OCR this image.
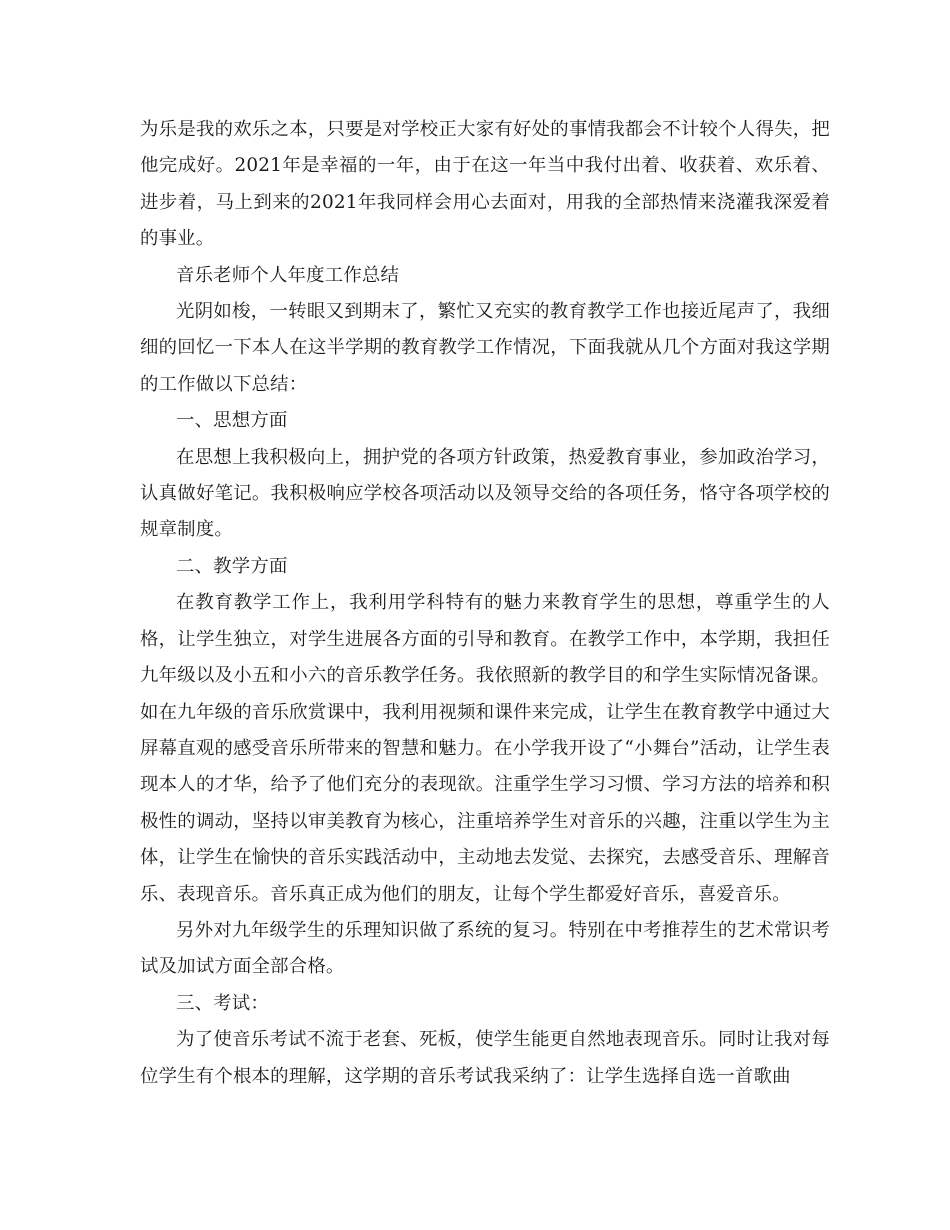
为乐是我的欢乐之本，只要是对学校正大家有好处的事情我都会不计较个人得失，把他完成好。2021年是幸福的一年，由于在这一年当中我付出着、收获着、欢乐着、进步着，马上到来的2021年我同样会用心去面对，用我的全部热情来浇灌我深爱着的事业。

音乐老师个人年度工作总结

光阴如梭，一转眼又到期末了，繁忙又充实的教育教学工作也接近尾声了，我细细的回忆一下本人在这半学期的教育教学工作情况，下面我就从几个方面对我这学期的工作做以下总结：

一、思想方面

在思想上我积极向上，拥护党的各项方针政策，热爱教育事业，参加政治学习，认真做好笔记。我积极响应学校各项活动以及领导交给的各项任务，恪守各项学校的规章制度。

二、教学方面

在教育教学工作上，我利用学科特有的魅力来教育学生的思想，尊重学生的人格，让学生独立，对学生进展各方面的引导和教育。在教学工作中，本学期，我担任九年级以及小五和小六的音乐教学任务。我依照新的教学目的和学生实际情况备课。如在九年级的音乐欣赏课中，我利用视频和课件来完成，让学生在教育教学中通过大屏幕直观的感受音乐所带来的智慧和魅力。在小学我开设了“小舞台”活动，让学生表现本人的才华，给予了他们充分的表现欲。注重学生学习习惯、学习方法的培养和积极性的调动，坚持以审美教育为核心，注重培养学生对音乐的兴趣，注重以学生为主体，让学生在愉快的音乐实践活动中，主动地去发觉、去探究，去感受音乐、理解音乐、表现音乐。音乐真正成为他们的朋友，让每个学生都爱好音乐，喜爱音乐。

另外对九年级学生的乐理知识做了系统的复习。特别在中考推荐生的艺术常识考试及加试方面全部合格。

三、考试：

为了使音乐考试不流于老套、死板，使学生能更自然地表现音乐。同时让我对每位学生有个根本的理解，这学期的音乐考试我采纳了：让学生选择自选一首歌曲
